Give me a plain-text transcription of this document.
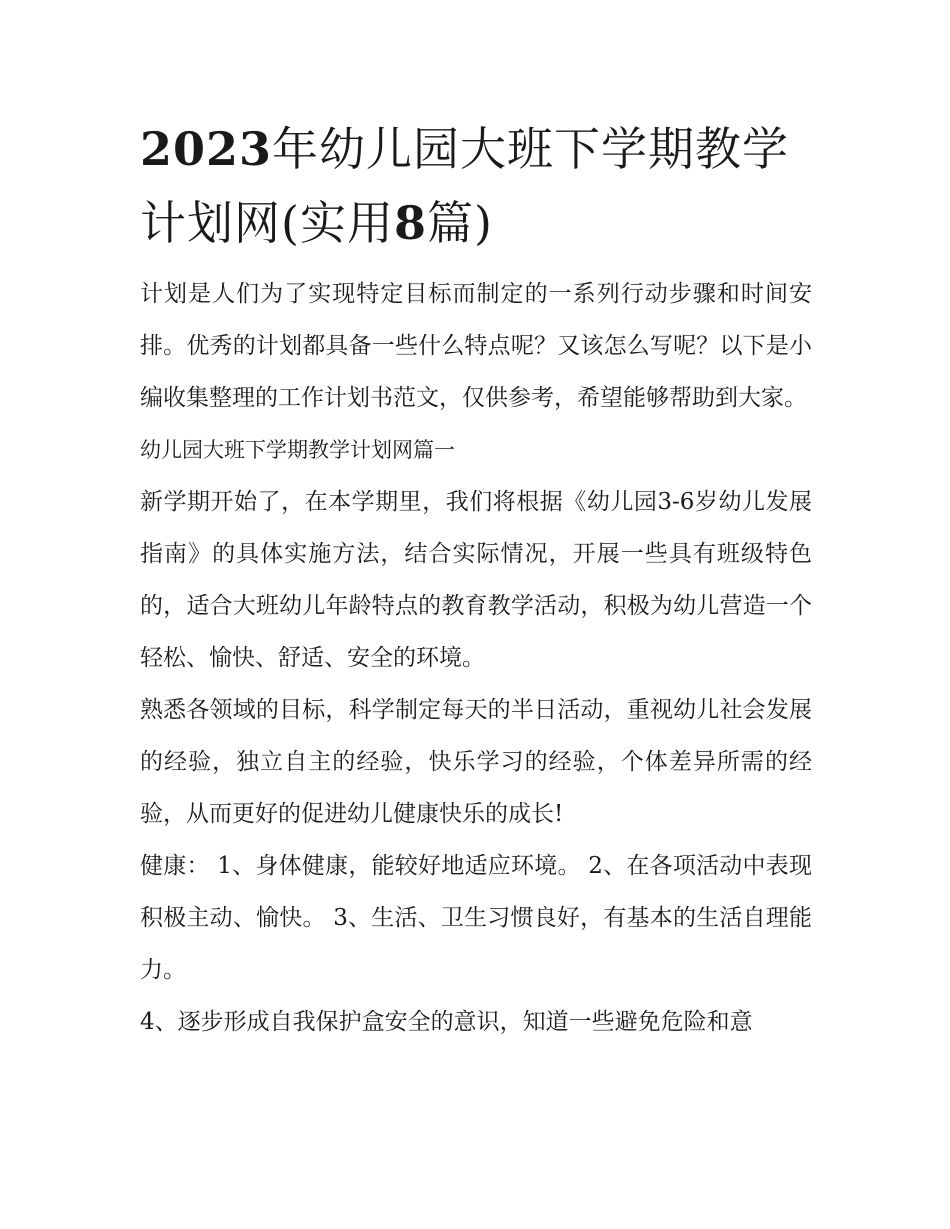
2023年幼儿园大班下学期教学计划网(实用8篇)

计划是人们为了实现特定目标而制定的一系列行动步骤和时间安排。优秀的计划都具备一些什么特点呢？又该怎么写呢？以下是小编收集整理的工作计划书范文，仅供参考，希望能够帮助到大家。

幼儿园大班下学期教学计划网篇一

新学期开始了，在本学期里，我们将根据《幼儿园3-6岁幼儿发展指南》的具体实施方法，结合实际情况，开展一些具有班级特色的，适合大班幼儿年龄特点的教育教学活动，积极为幼儿营造一个轻松、愉快、舒适、安全的环境。

熟悉各领域的目标，科学制定每天的半日活动，重视幼儿社会发展的经验，独立自主的经验，快乐学习的经验，个体差异所需的经验，从而更好的促进幼儿健康快乐的成长!

健康： 1、身体健康，能较好地适应环境。 2、在各项活动中表现积极主动、愉快。 3、生活、卫生习惯良好，有基本的生活自理能力。

4、逐步形成自我保护盒安全的意识，知道一些避免危险和意
